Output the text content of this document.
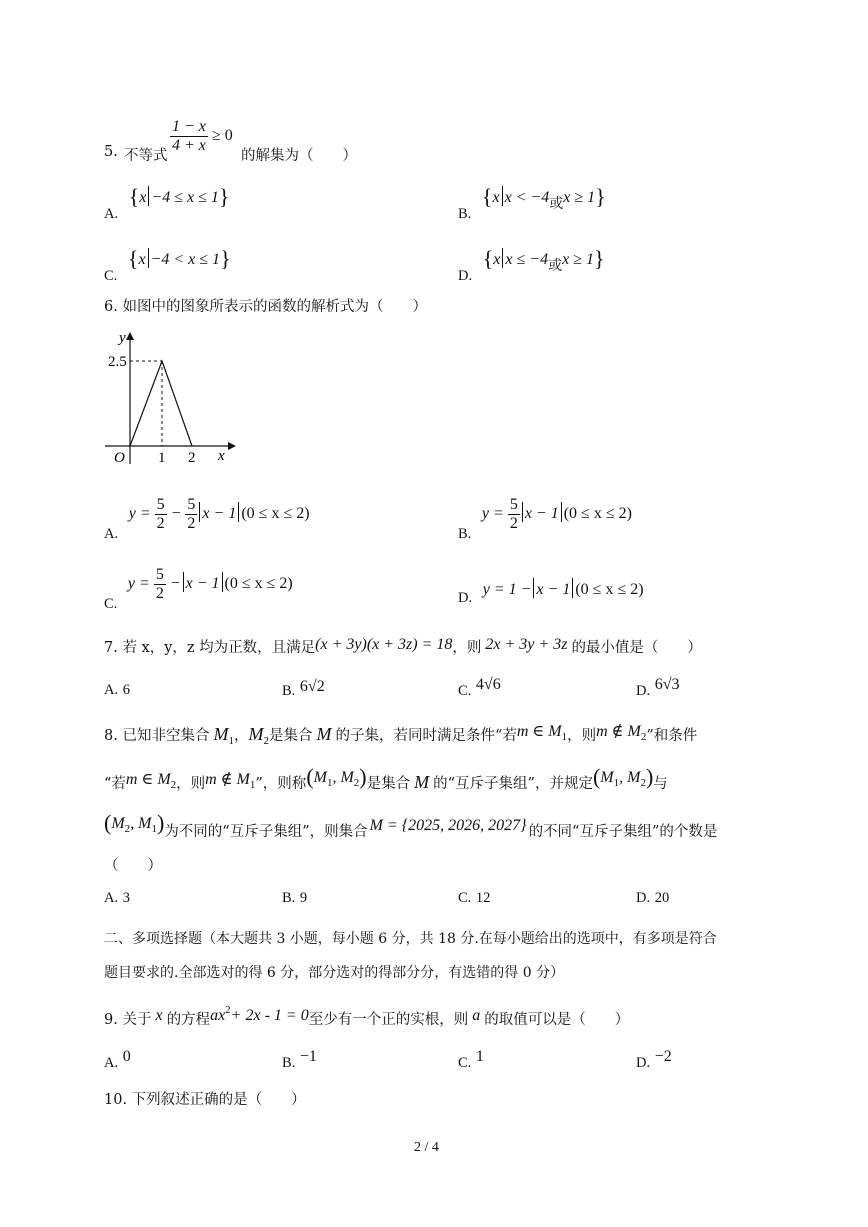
5. 不等式
$\frac{1 - x}{4 + x} \ge 0$
的解集为（　　）
A. {x −4 ≤ x ≤ 1}
B. {x x < −4或x ≥ 1}
C. {x −4 < x ≤ 1}
D. {x x ≤ −4或x ≥ 1}
6. 如图中的图象所表示的函数的解析式为（　　）
y
2.5
O 1 2 x
A. $y = \frac{5}{2} - \frac{5}{2}$ x − 1 (0 ≤ x ≤ 2)
B. $y = \frac{5}{2}$ x − 1 (0 ≤ x ≤ 2)
C. $y = \frac{5}{2} - x - 1$ (0 ≤ x ≤ 2)
D. y = 1 − x − 1 (0 ≤ x ≤ 2)
7. 若 x，y，z 均为正数，且满足(x + 3y)(x + 3z) = 18，则 2x + 3y + 3z 的最小值是（　　）
A. 6	B. 6√2	C. 4√6	D. 6√3
8. 已知非空集合 $M_1$，$M_2$是集合 M 的子集，若同时满足条件“若m ∈ $M_1$，则m ∉ $M_2$”和条件
“若m ∈ $M_2$，则m ∉ $M_1$”，则称($M_1$, $M_2$)是集合 M 的“互斥子集组”，并规定($M_1$, $M_2$)与
($M_2$, $M_1$)为不同的“互斥子集组”，则集合 M = {2025, 2026, 2027} 的不同“互斥子集组”的个数是
（　　）
A. 3	B. 9	C. 12	D. 20
二、多项选择题（本大题共 3 小题，每小题 6 分，共 18 分.在每小题给出的选项中，有多项是符合
题目要求的.全部选对的得 6 分，部分选对的得部分分，有选错的得 0 分）
9. 关于 x 的方程$ax^2+ 2x - 1 = 0$至少有一个正的实根，则 a 的取值可以是（　　）
A. 0	B. −1	C. 1	D. −2
10. 下列叙述正确的是（　　）
2 / 4
